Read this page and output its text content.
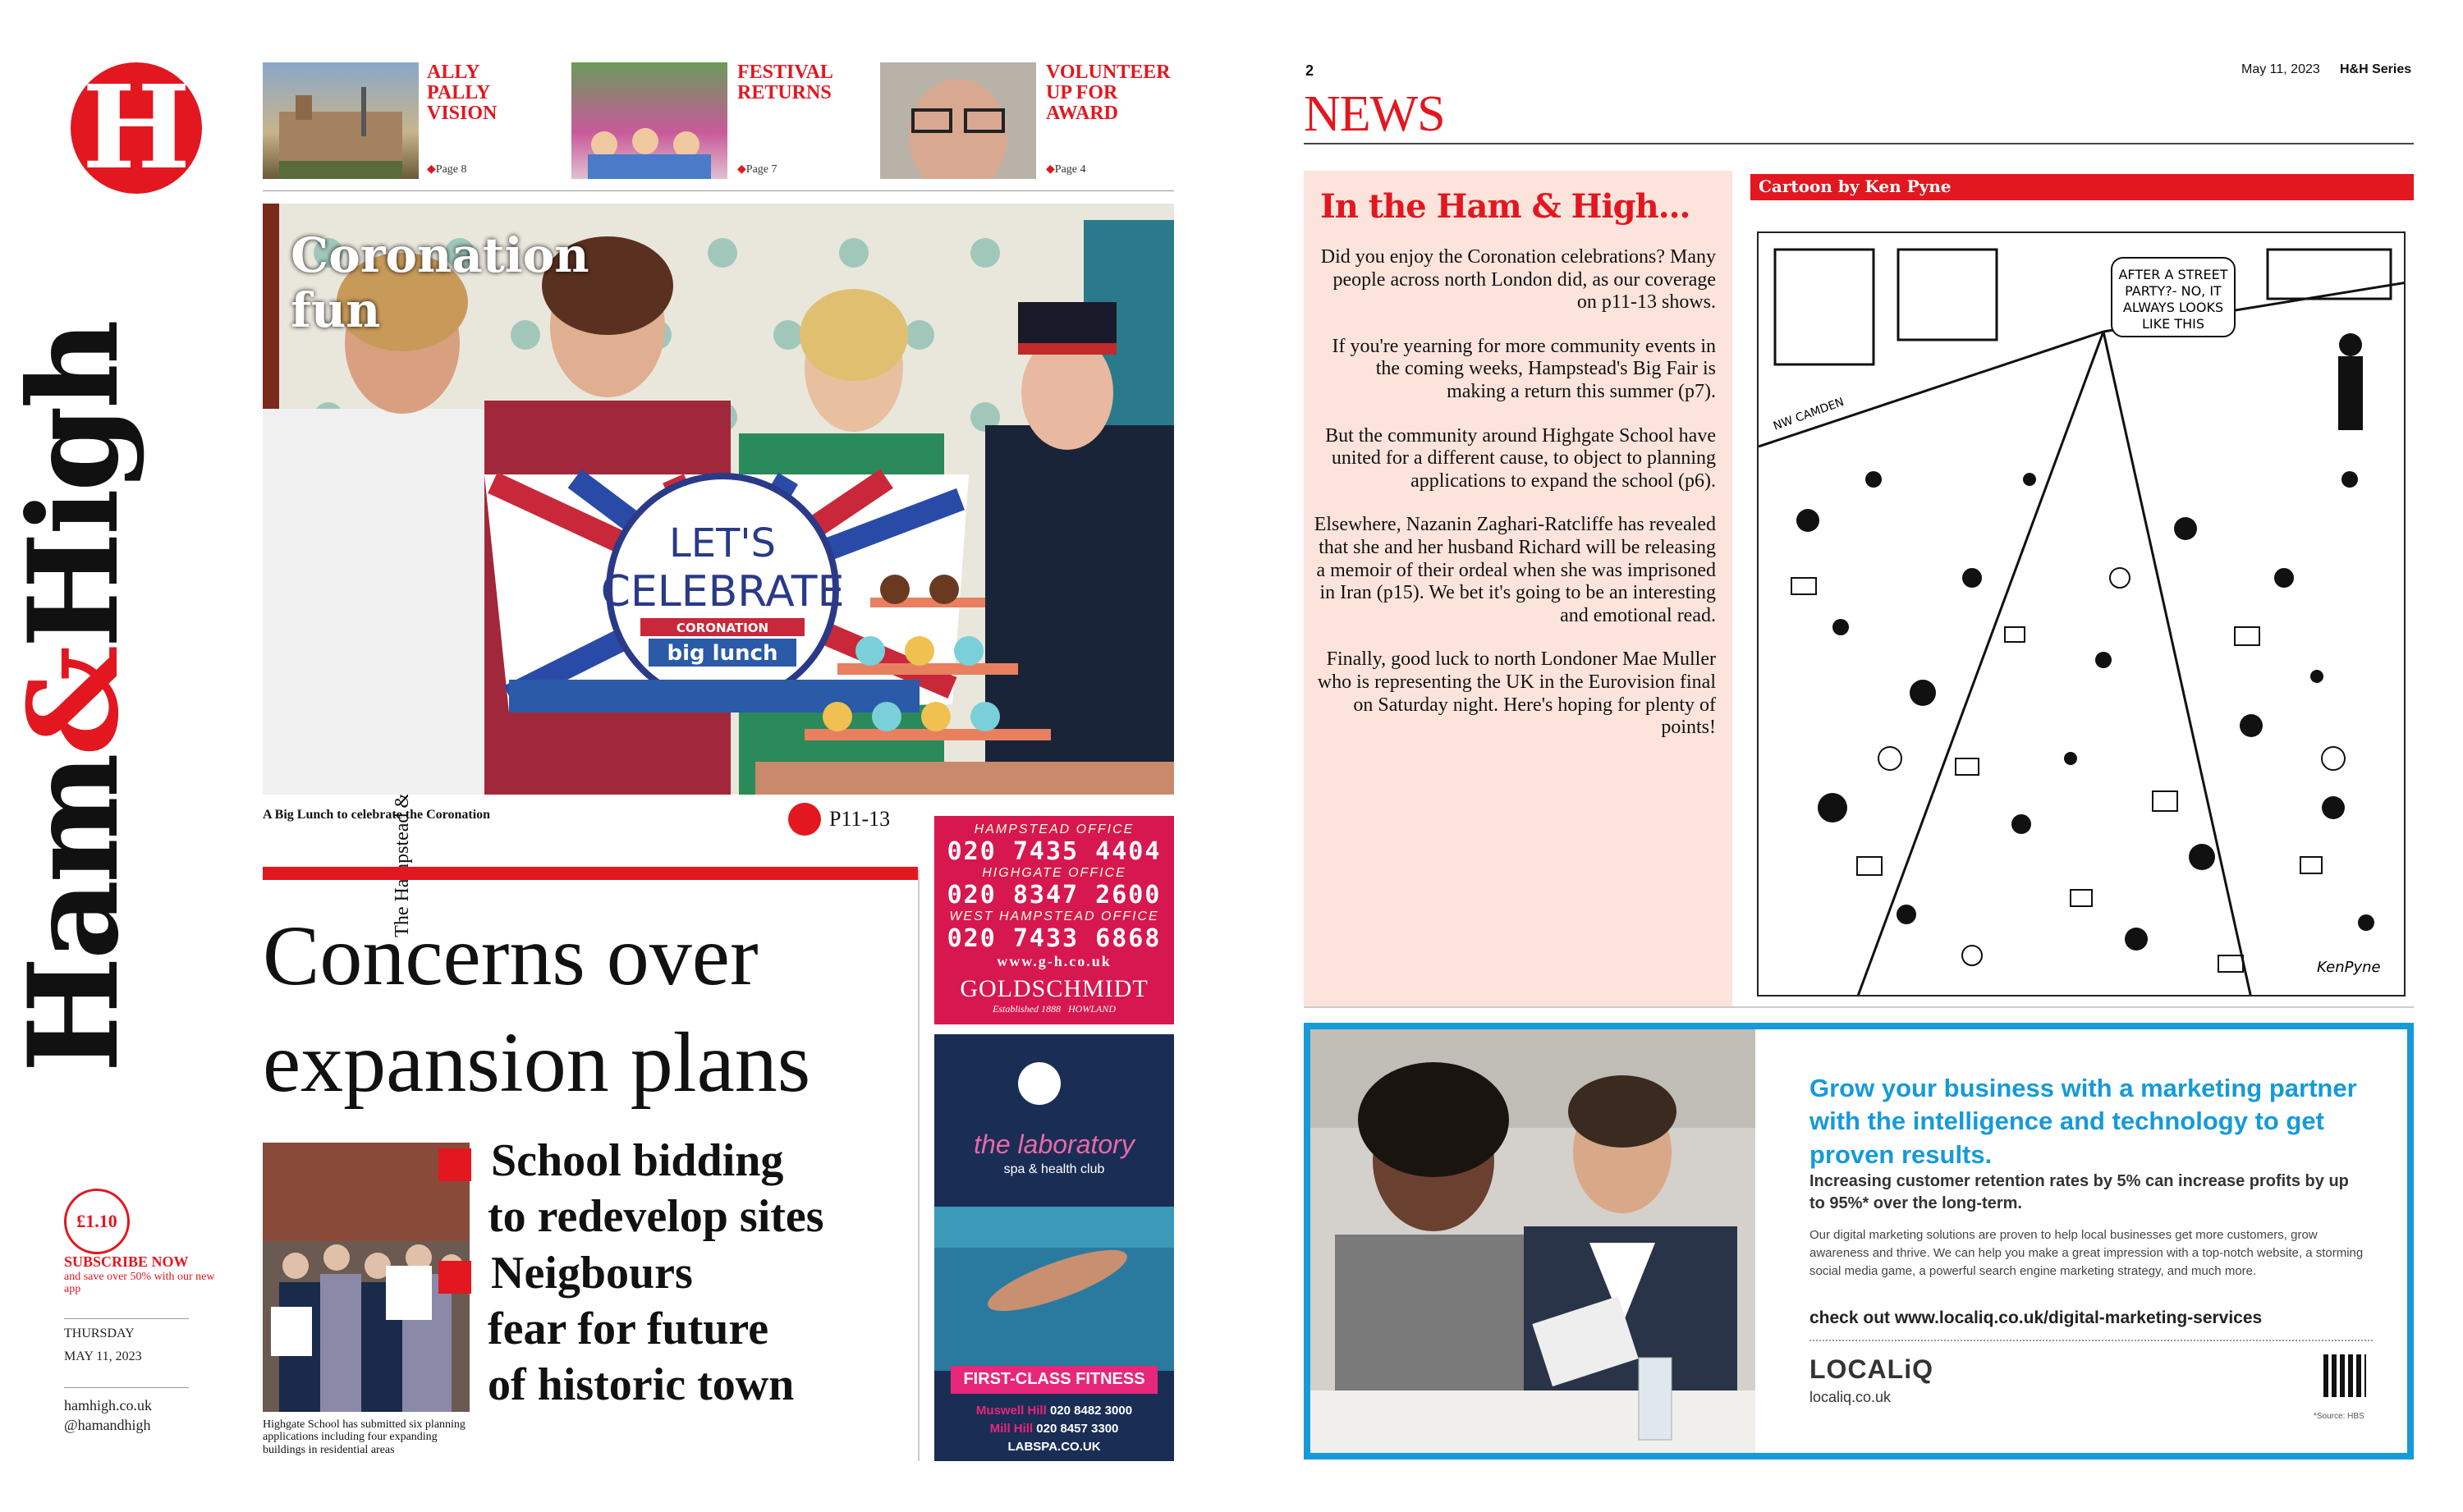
H
Ham&High
£1.10
SUBSCRIBE NOW
and save over 50% with our new app
THURSDAY
MAY 11, 2023
hamhigh.co.uk
@hamandhigh
ALLY
PALLY
VISION
◆ Page 8
FESTIVAL
RETURNS
◆ Page 7
VOLUNTEER
UP FOR
AWARD
◆ Page 4
LET'S
CELEBRATE
CORONATION
big lunch
Coronation
fun
A Big Lunch to celebrate the Coronation	P11-13
Concerns over
expansion plans
Highgate School has submitted six planning applications including four expanding buildings in residential areas
School bidding
to redevelop sites
Neigbours
fear for future
of historic town
HAMPSTEAD OFFICE
020 7435 4404
HIGHGATE OFFICE
020 8347 2600
WEST HAMPSTEAD OFFICE
020 7433 6868
www.g-h.co.uk
GOLDSCHMIDT
Established 1888 HOWLAND
the laboratory
spa & health club
FIRST-CLASS FITNESS
Muswell Hill 020 8482 3000
Mill Hill 020 8457 3300
LABSPA.CO.UK
2	May 11, 2023 H&H Series
NEWS
In the Ham & High...

Did you enjoy the Coronation celebrations? Many people across north London did, as our coverage on p11-13 shows.

If you're yearning for more community events in the coming weeks, Hampstead's Big Fair is making a return this summer (p7).

But the community around Highgate School have united for a different cause, to object to planning applications to expand the school (p6).

Elsewhere, Nazanin Zaghari-Ratcliffe has revealed that she and her husband Richard will be releasing a memoir of their ordeal when she was imprisoned in Iran (p15). We bet it's going to be an interesting and emotional read.

Finally, good luck to north Londoner Mae Muller who is representing the UK in the Eurovision final on Saturday night. Here's hoping for plenty of points!

Cartoon by Ken Pyne
AFTER A STREET
PARTY?- NO, IT
ALWAYS LOOKS
LIKE THIS
NW CAMDEN
KenPyne
Grow your business with a marketing partner with the intelligence and technology to get proven results.
Increasing customer retention rates by 5% can increase profits by up to 95%* over the long-term.
Our digital marketing solutions are proven to help local businesses get more customers, grow awareness and thrive. We can help you make a great impression with a top-notch website, a storming social media game, a powerful search engine marketing strategy, and much more.
check out www.localiq.co.uk/digital-marketing-services
LOCALiQ
localiq.co.uk
*Source: HBS
